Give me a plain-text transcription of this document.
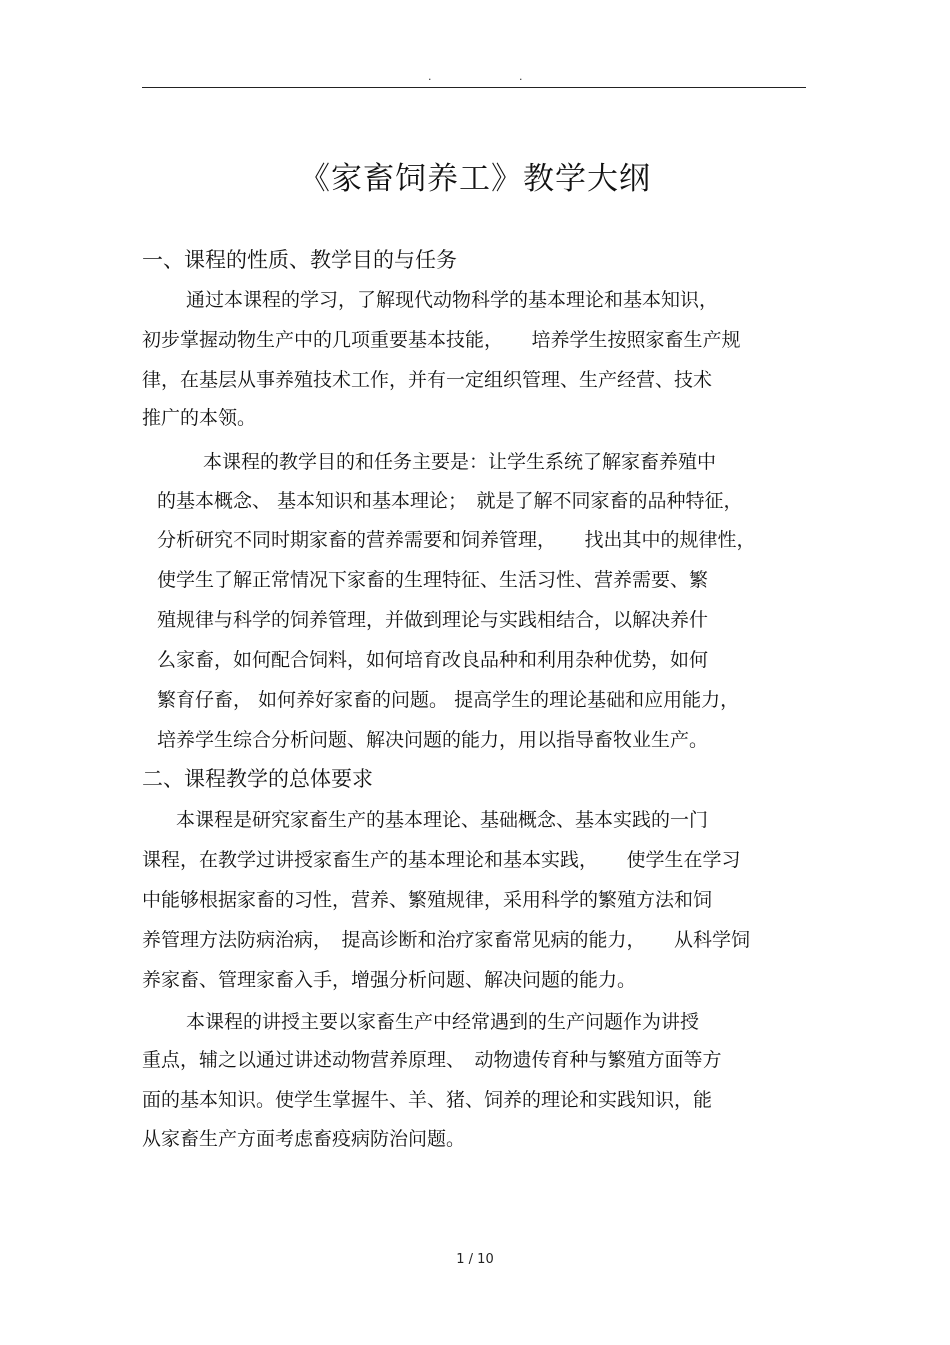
.	.
《家畜饲养工》教学大纲
一、课程的性质、教学目的与任务

通过本课程的学习，了解现代动物科学的基本理论和基本知识，

初步掌握动物生产中的几项重要基本技能，　　培养学生按照家畜生产规

律，在基层从事养殖技术工作，并有一定组织管理、生产经营、技术

推广的本领。

本课程的教学目的和任务主要是：让学生系统了解家畜养殖中

的基本概念、 基本知识和基本理论；　就是了解不同家畜的品种特征，

分析研究不同时期家畜的营养需要和饲养管理，　　找出其中的规律性，

使学生了解正常情况下家畜的生理特征、生活习性、营养需要、繁

殖规律与科学的饲养管理，并做到理论与实践相结合，以解决养什

么家畜，如何配合饲料，如何培育改良品种和利用杂种优势，如何

繁育仔畜， 如何养好家畜的问题。 提高学生的理论基础和应用能力，

培养学生综合分析问题、解决问题的能力，用以指导畜牧业生产。

二、课程教学的总体要求

本课程是研究家畜生产的基本理论、基础概念、基本实践的一门

课程，在教学过讲授家畜生产的基本理论和基本实践，　　使学生在学习

中能够根据家畜的习性，营养、繁殖规律，采用科学的繁殖方法和饲

养管理方法防病治病，　提高诊断和治疗家畜常见病的能力，　　从科学饲

养家畜、管理家畜入手，增强分析问题、解决问题的能力。

本课程的讲授主要以家畜生产中经常遇到的生产问题作为讲授

重点，辅之以通过讲述动物营养原理、　动物遗传育种与繁殖方面等方

面的基本知识。使学生掌握牛、羊、猪、饲养的理论和实践知识，能

从家畜生产方面考虑畜疫病防治问题。

1 / 10
